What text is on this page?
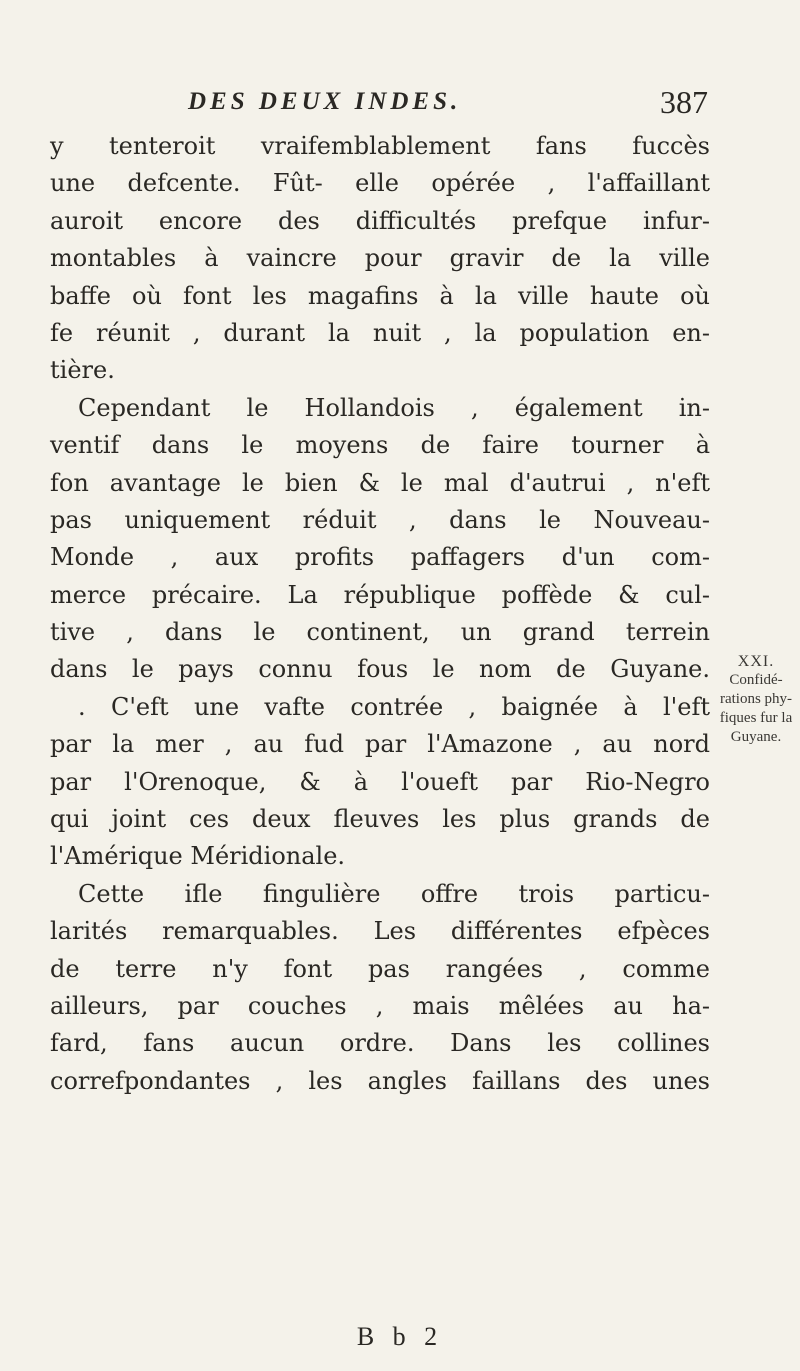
DES DEUX INDES.	387
y tenteroit vraifemblablement fans fuccès
une defcente. Fût- elle opérée , l'affaillant
auroit encore des difficultés prefque infur-
montables à vaincre pour gravir de la ville
baffe où font les magafins à la ville haute où
fe réunit , durant la nuit , la population en-
tière.
Cependant le Hollandois , également in-
ventif dans le moyens de faire tourner à
fon avantage le bien & le mal d'autrui , n'eft
pas uniquement réduit , dans le Nouveau-
Monde , aux profits paffagers d'un com-
merce précaire. La république poffède & cul-
tive , dans le continent, un grand terrein
dans le pays connu fous le nom de Guyane.
. C'eft une vafte contrée , baignée à l'eft
par la mer , au fud par l'Amazone , au nord
par l'Orenoque, & à l'oueft par Rio-Negro
qui joint ces deux fleuves les plus grands de
l'Amérique Méridionale.
Cette ifle fingulière offre trois particu-
larités remarquables. Les différentes efpèces
de terre n'y font pas rangées , comme
ailleurs, par couches , mais mêlées au ha-
fard, fans aucun ordre. Dans les collines
correfpondantes , les angles faillans des unes
XXI.
Confidé-
rations phy-
fiques fur la
Guyane.
B b 2
